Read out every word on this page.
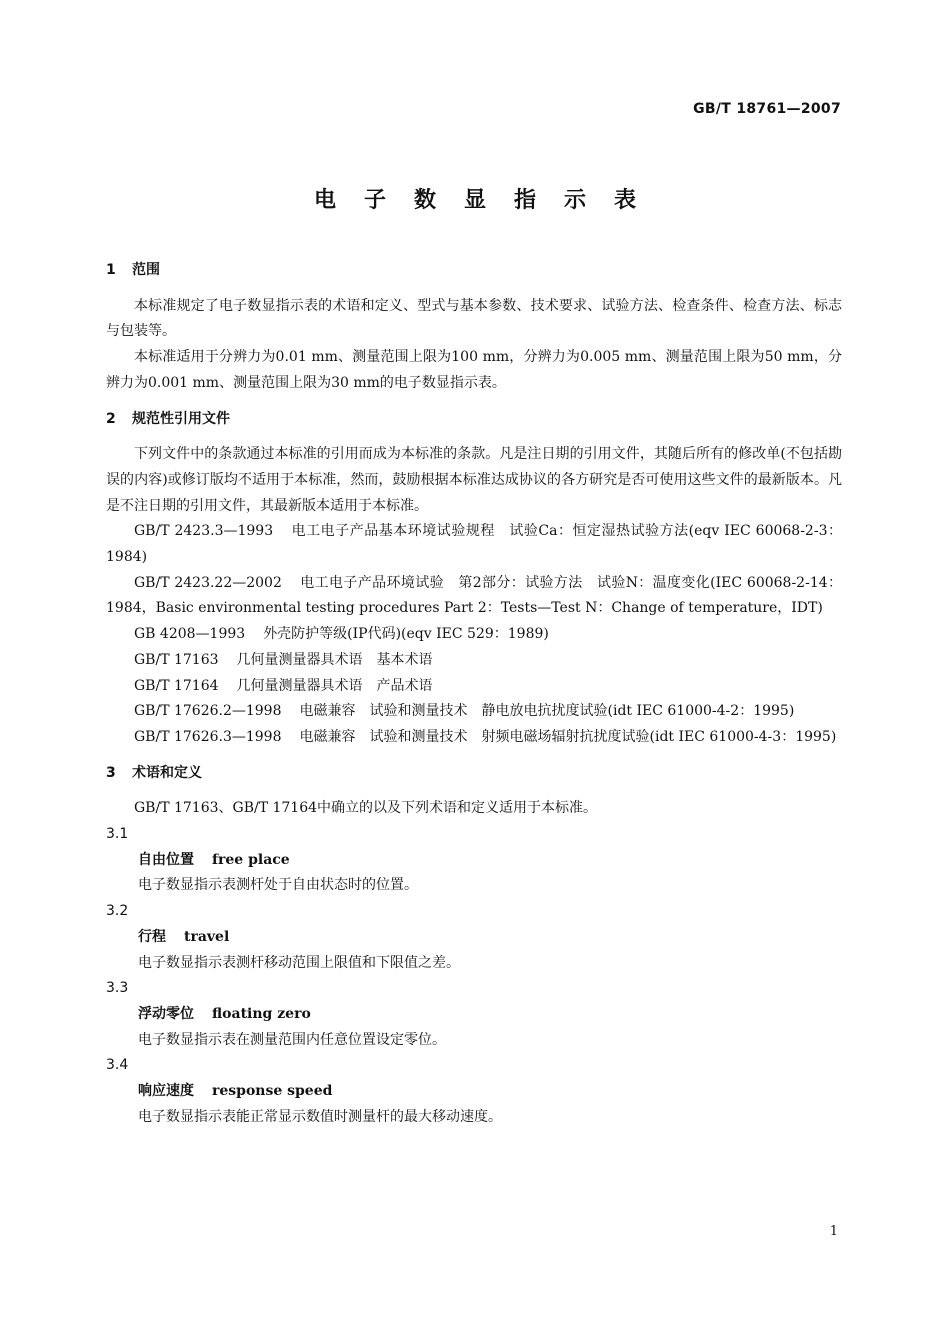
GB/T 18761—2007
电子数显指示表
1 范围

本标准规定了电子数显指示表的术语和定义、型式与基本参数、技术要求、试验方法、检查条件、检查方法、标志与包装等。

本标准适用于分辨力为0.01 mm、测量范围上限为100 mm，分辨力为0.005 mm、测量范围上限为50 mm，分辨力为0.001 mm、测量范围上限为30 mm的电子数显指示表。

2 规范性引用文件

下列文件中的条款通过本标准的引用而成为本标准的条款。凡是注日期的引用文件，其随后所有的修改单(不包括勘误的内容)或修订版均不适用于本标准，然而，鼓励根据本标准达成协议的各方研究是否可使用这些文件的最新版本。凡是不注日期的引用文件，其最新版本适用于本标准。

GB/T 2423.3—1993 电工电子产品基本环境试验规程　试验Ca：恒定湿热试验方法(eqv IEC 60068-2-3：1984)

GB/T 2423.22—2002 电工电子产品环境试验　第2部分：试验方法　试验N：温度变化(IEC 60068-2-14：1984，Basic environmental testing procedures Part 2：Tests—Test N：Change of temperature，IDT)

GB 4208—1993 外壳防护等级(IP代码)(eqv IEC 529：1989)

GB/T 17163 几何量测量器具术语　基本术语

GB/T 17164 几何量测量器具术语　产品术语

GB/T 17626.2—1998 电磁兼容　试验和测量技术　静电放电抗扰度试验(idt IEC 61000-4-2：1995)

GB/T 17626.3—1998 电磁兼容　试验和测量技术　射频电磁场辐射抗扰度试验(idt IEC 61000-4-3：1995)

3 术语和定义

GB/T 17163、GB/T 17164中确立的以及下列术语和定义适用于本标准。

3.1

自由位置 free place

电子数显指示表测杆处于自由状态时的位置。

3.2

行程 travel

电子数显指示表测杆移动范围上限值和下限值之差。

3.3

浮动零位 floating zero

电子数显指示表在测量范围内任意位置设定零位。

3.4

响应速度 response speed

电子数显指示表能正常显示数值时测量杆的最大移动速度。

1
